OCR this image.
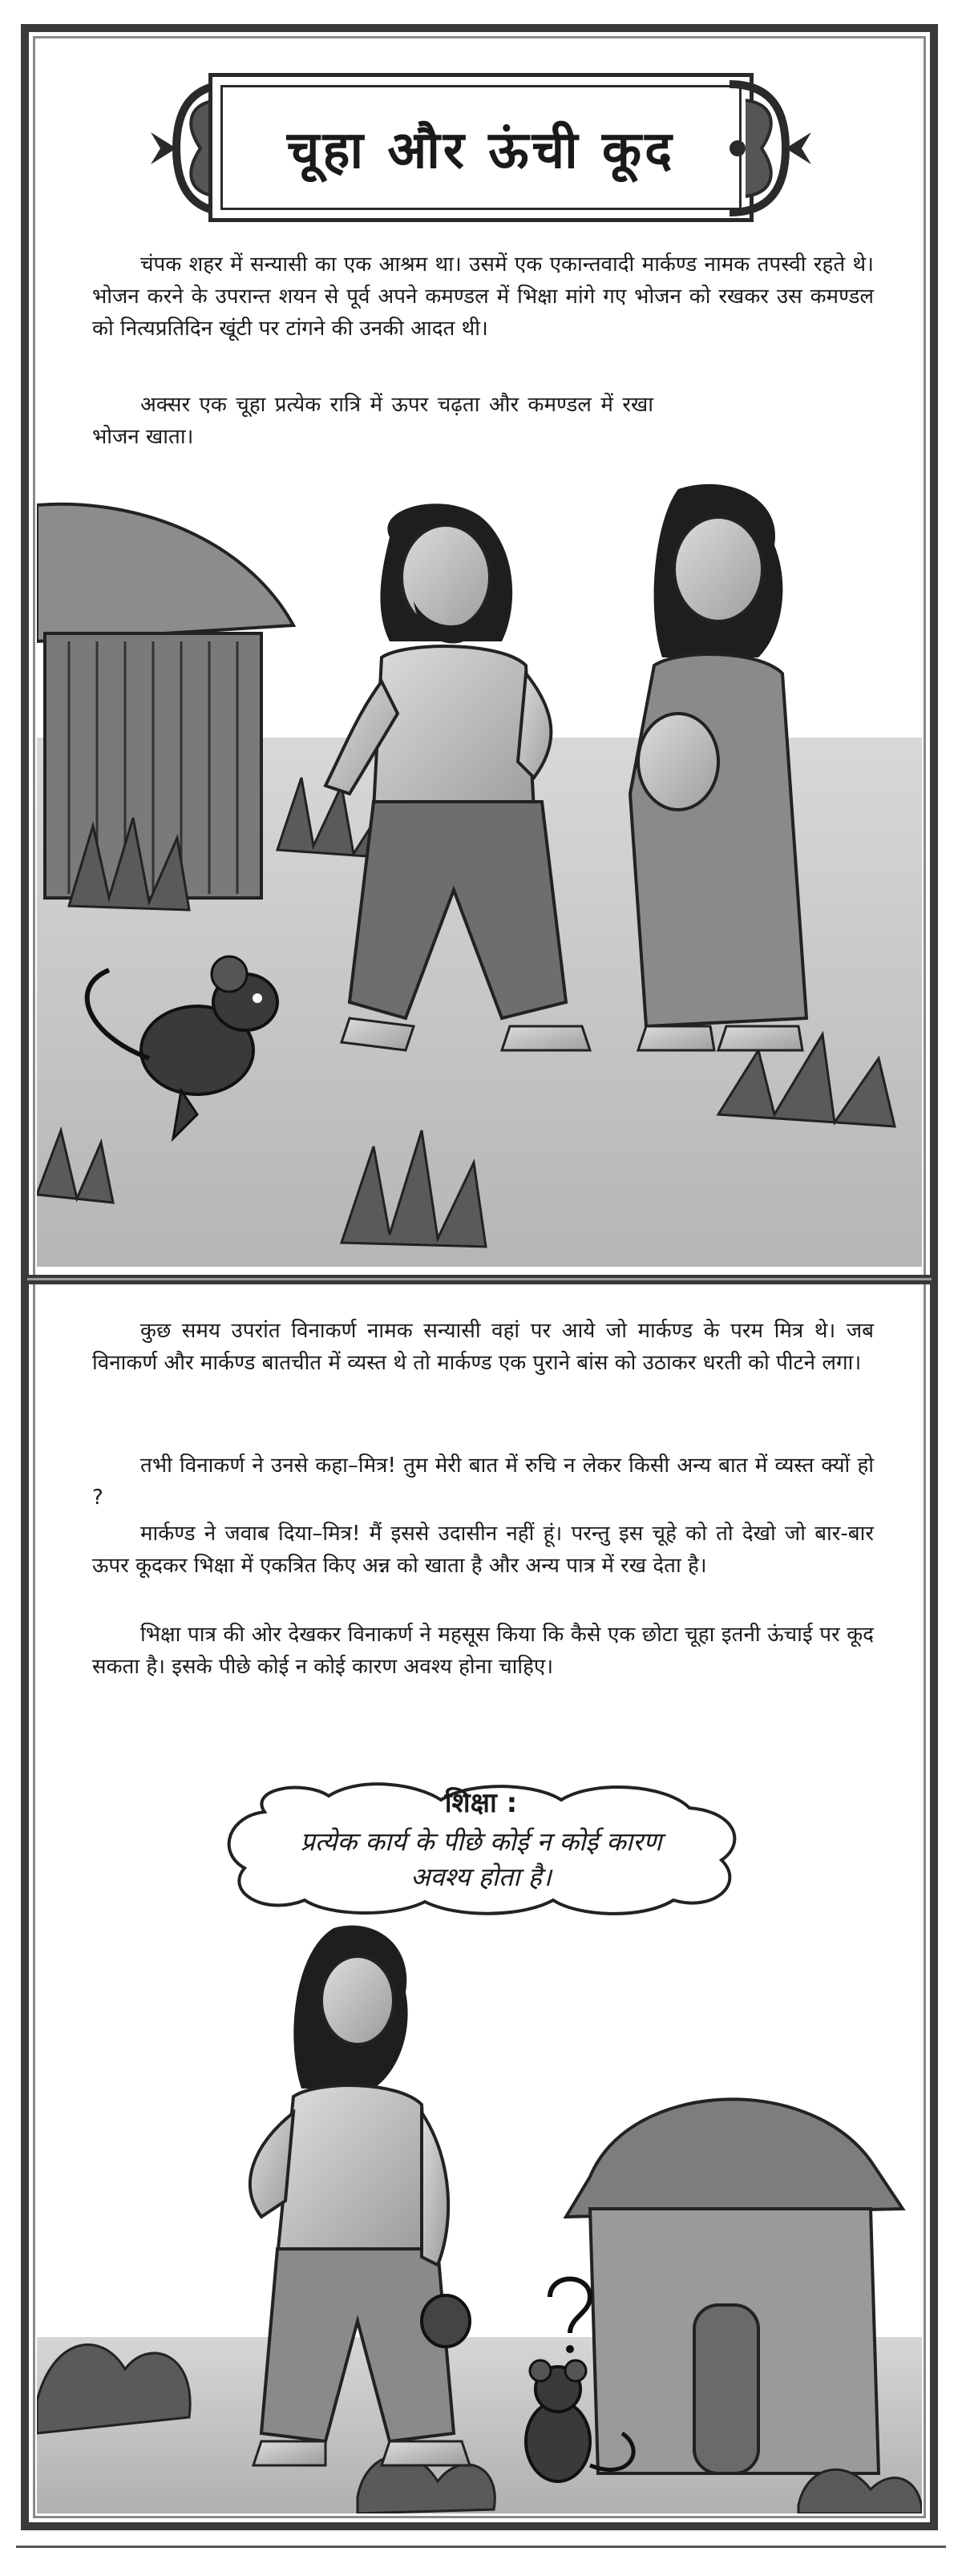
चूहा और ऊंची कूद

चंपक शहर में सन्यासी का एक आश्रम था। उसमें एक एकान्तवादी मार्कण्ड नामक तपस्वी रहते थे। भोजन करने के उपरान्त शयन से पूर्व अपने कमण्डल में भिक्षा मांगे गए भोजन को रखकर उस कमण्डल को नित्यप्रतिदिन खूंटी पर टांगने की उनकी आदत थी।

अक्सर एक चूहा प्रत्येक रात्रि में ऊपर चढ़ता और कमण्डल में रखा भोजन खाता।

कुछ समय उपरांत विनाकर्ण नामक सन्यासी वहां पर आये जो मार्कण्ड के परम मित्र थे। जब विनाकर्ण और मार्कण्ड बातचीत में व्यस्त थे तो मार्कण्ड एक पुराने बांस को उठाकर धरती को पीटने लगा।

तभी विनाकर्ण ने उनसे कहा–मित्र! तुम मेरी बात में रुचि न लेकर किसी अन्य बात में व्यस्त क्यों हो ?

मार्कण्ड ने जवाब दिया–मित्र! मैं इससे उदासीन नहीं हूं। परन्तु इस चूहे को तो देखो जो बार-बार ऊपर कूदकर भिक्षा में एकत्रित किए अन्न को खाता है और अन्य पात्र में रख देता है।

भिक्षा पात्र की ओर देखकर विनाकर्ण ने महसूस किया कि कैसे एक छोटा चूहा इतनी ऊंचाई पर कूद सकता है। इसके पीछे कोई न कोई कारण अवश्य होना चाहिए।

शिक्षा :
प्रत्येक कार्य के पीछे कोई न कोई कारण अवश्य होता है।
